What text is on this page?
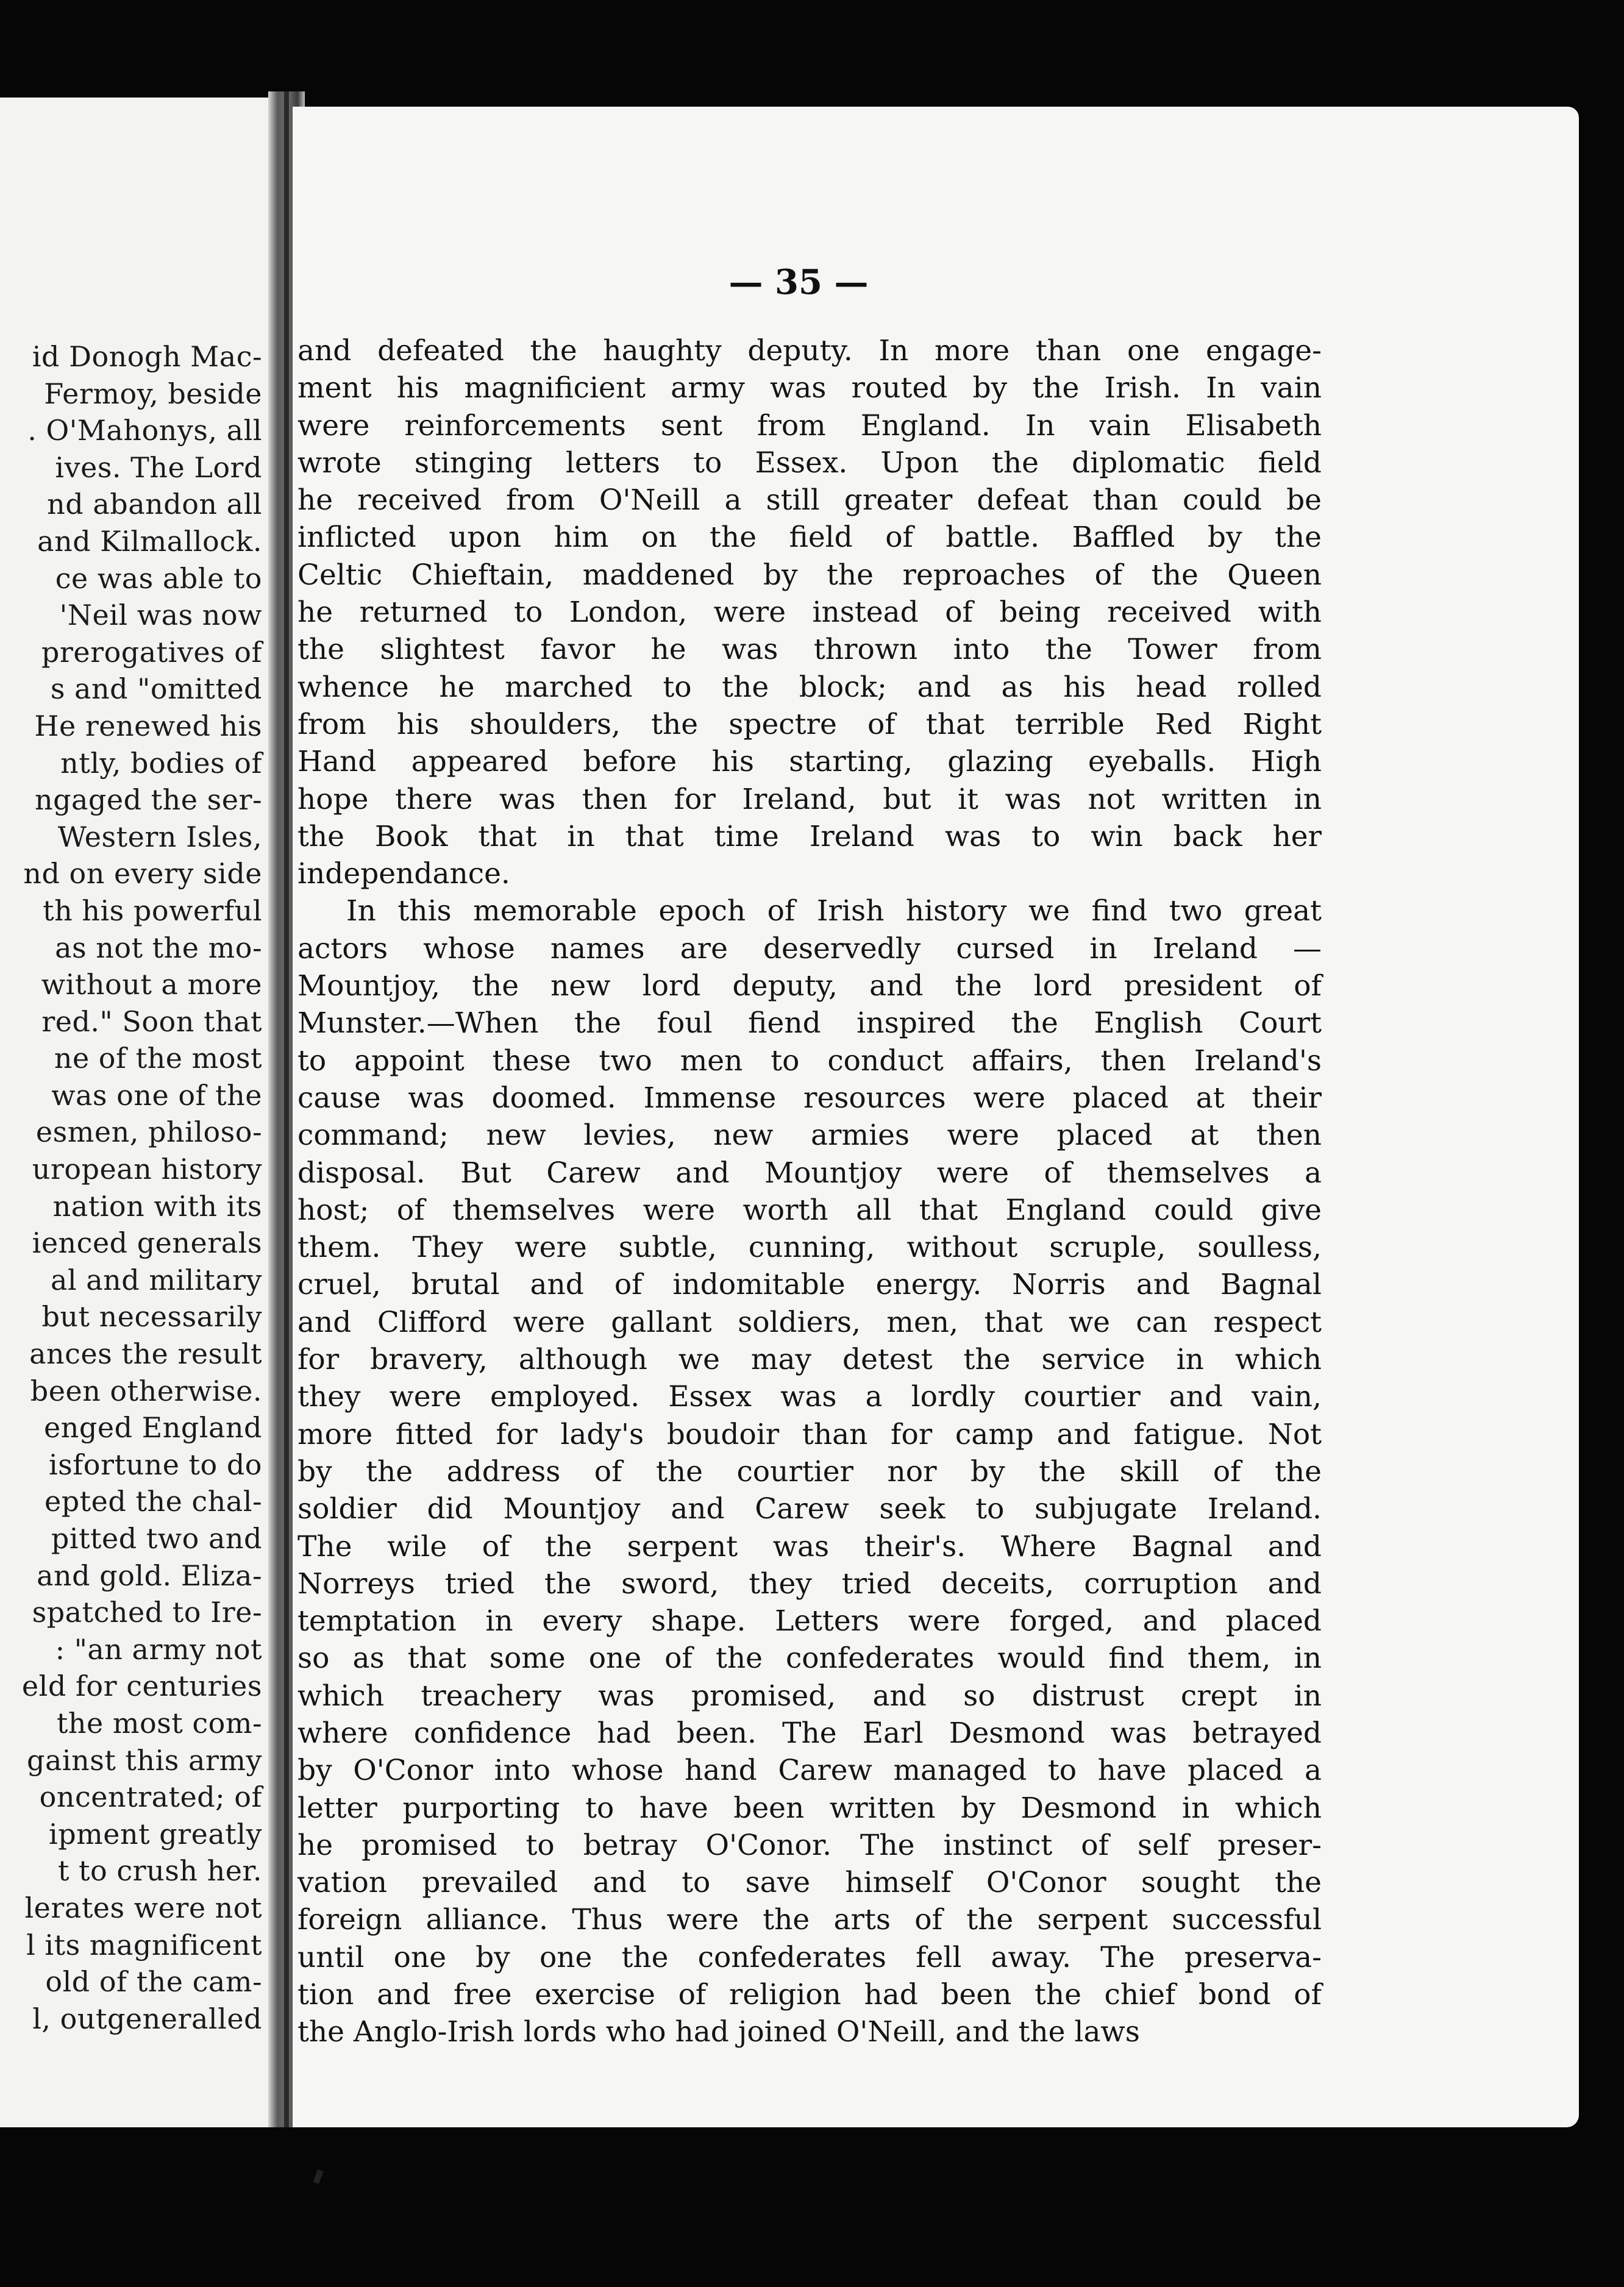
id Donogh Mac-
Fermoy, beside
. O'Mahonys, all
ives. The Lord
nd abandon all
and Kilmallock.
ce was able to
'Neil was now
prerogatives of
s and "omitted
He renewed his
ntly, bodies of
ngaged the ser-
Western Isles,
nd on every side
th his powerful
as not the mo-
without a more
red." Soon that
ne of the most
was one of the
esmen, philoso-
uropean history
nation with its
ienced generals
al and military
but necessarily
ances the result
been otherwise.
enged England
isfortune to do
epted the chal-
pitted two and
and gold. Eliza-
spatched to Ire-
: "an army not
eld for centuries
the most com-
gainst this army
oncentrated; of
ipment greatly
t to crush her.
lerates were not
l its magnificent
old of the cam-
l, outgeneralled
— 35 —
and defeated the haughty deputy. In more than one engage-
ment his magnificient army was routed by the Irish. In vain
were reinforcements sent from England. In vain Elisabeth
wrote stinging letters to Essex. Upon the diplomatic field
he received from O'Neill a still greater defeat than could be
inflicted upon him on the field of battle. Baffled by the
Celtic Chieftain, maddened by the reproaches of the Queen
he returned to London, were instead of being received with
the slightest favor he was thrown into the Tower from
whence he marched to the block; and as his head rolled
from his shoulders, the spectre of that terrible Red Right
Hand appeared before his starting, glazing eyeballs. High
hope there was then for Ireland, but it was not written in
the Book that in that time Ireland was to win back her
independance.
In this memorable epoch of Irish history we find two great
actors whose names are deservedly cursed in Ireland —
Mountjoy, the new lord deputy, and the lord president of
Munster.—When the foul fiend inspired the English Court
to appoint these two men to conduct affairs, then Ireland's
cause was doomed. Immense resources were placed at their
command; new levies, new armies were placed at then
disposal. But Carew and Mountjoy were of themselves a
host; of themselves were worth all that England could give
them. They were subtle, cunning, without scruple, soulless,
cruel, brutal and of indomitable energy. Norris and Bagnal
and Clifford were gallant soldiers, men, that we can respect
for bravery, although we may detest the service in which
they were employed. Essex was a lordly courtier and vain,
more fitted for lady's boudoir than for camp and fatigue. Not
by the address of the courtier nor by the skill of the
soldier did Mountjoy and Carew seek to subjugate Ireland.
The wile of the serpent was their's. Where Bagnal and
Norreys tried the sword, they tried deceits, corruption and
temptation in every shape. Letters were forged, and placed
so as that some one of the confederates would find them, in
which treachery was promised, and so distrust crept in
where confidence had been. The Earl Desmond was betrayed
by O'Conor into whose hand Carew managed to have placed a
letter purporting to have been written by Desmond in which
he promised to betray O'Conor. The instinct of self preser-
vation prevailed and to save himself O'Conor sought the
foreign alliance. Thus were the arts of the serpent successful
until one by one the confederates fell away. The preserva-
tion and free exercise of religion had been the chief bond of
the Anglo-Irish lords who had joined O'Neill, and the laws
